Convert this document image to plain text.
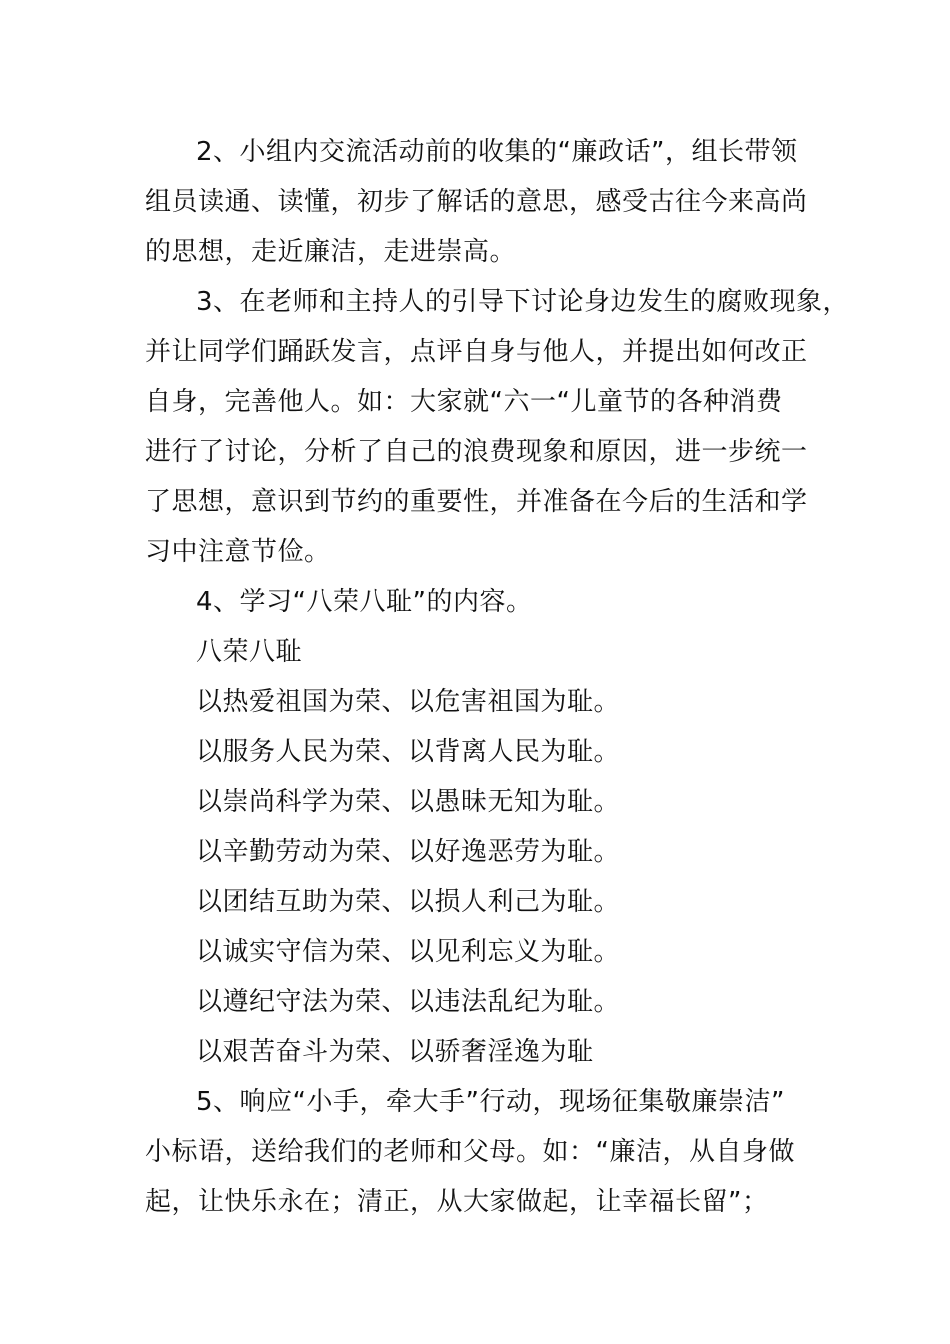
2、小组内交流活动前的收集的“廉政话”，组长带领
组员读通、读懂，初步了解话的意思，感受古往今来高尚
的思想，走近廉洁，走进崇高。
3、在老师和主持人的引导下讨论身边发生的腐败现象，
并让同学们踊跃发言，点评自身与他人，并提出如何改正
自身，完善他人。如：大家就“六一“儿童节的各种消费
进行了讨论，分析了自己的浪费现象和原因，进一步统一
了思想，意识到节约的重要性，并准备在今后的生活和学
习中注意节俭。
4、学习“八荣八耻”的内容。
八荣八耻
以热爱祖国为荣、以危害祖国为耻。
以服务人民为荣、以背离人民为耻。
以崇尚科学为荣、以愚昧无知为耻。
以辛勤劳动为荣、以好逸恶劳为耻。
以团结互助为荣、以损人利己为耻。
以诚实守信为荣、以见利忘义为耻。
以遵纪守法为荣、以违法乱纪为耻。
以艰苦奋斗为荣、以骄奢淫逸为耻
5、响应“小手，牵大手”行动，现场征集敬廉崇洁”
小标语，送给我们的老师和父母。如：“廉洁，从自身做
起，让快乐永在；清正，从大家做起，让幸福长留”；
